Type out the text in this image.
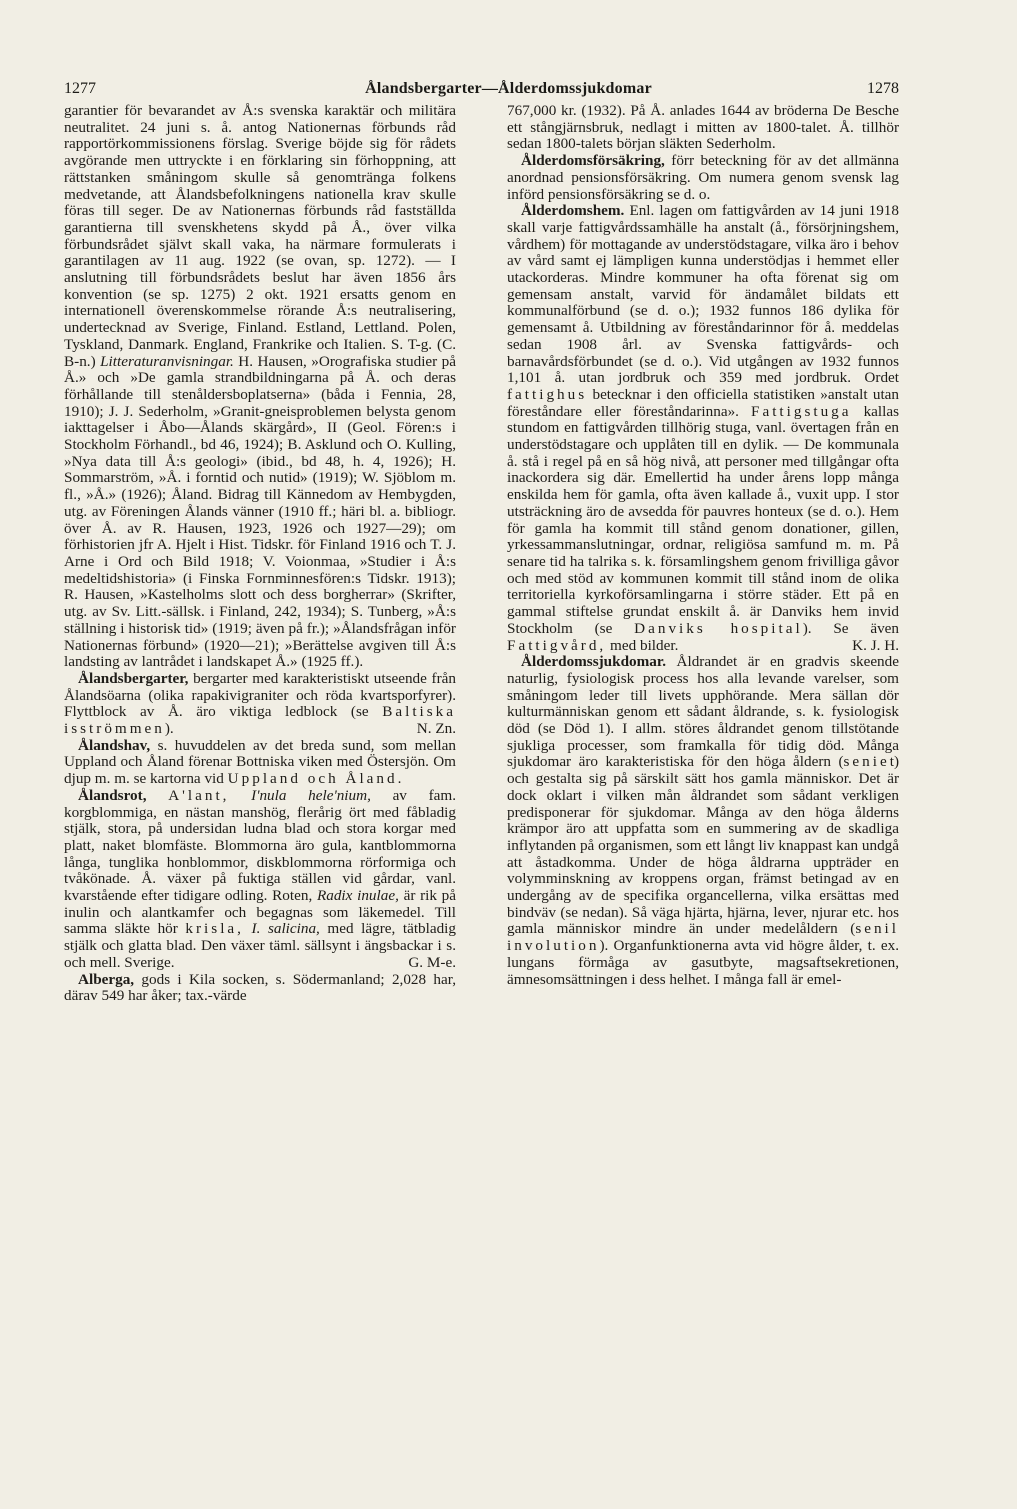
1277	Ålandsbergarter—Ålderdomssjukdomar	1278

garantier för bevarandet av Å:s svenska karaktär och militära neutralitet. 24 juni s. å. antog Nationernas förbunds råd rapportörkommissionens förslag. Sverige böjde sig för rådets avgörande men uttryckte i en förklaring sin förhoppning, att rättstanken småningom skulle så genomtränga folkens medvetande, att Ålandsbefolkningens nationella krav skulle föras till seger. De av Nationernas förbunds råd fastställda garantierna till svenskhetens skydd på Å., över vilka förbundsrådet självt skall vaka, ha närmare formulerats i garantilagen av 11 aug. 1922 (se ovan, sp. 1272). — I anslutning till förbundsrådets beslut har även 1856 års konvention (se sp. 1275) 2 okt. 1921 ersatts genom en internationell överenskommelse rörande Å:s neutralisering, undertecknad av Sverige, Finland. Estland, Lettland. Polen, Tyskland, Danmark. England, Frankrike och Italien. S. T-g. (C. B-n.) Litteraturanvisningar. H. Hausen, »Orografiska studier på Å.» och »De gamla strandbildningarna på Å. och deras förhållande till stenåldersboplatserna» (båda i Fennia, 28, 1910); J. J. Sederholm, »Granit-gneisproblemen belysta genom iakttagelser i Åbo—Ålands skärgård», II (Geol. Fören:s i Stockholm Förhandl., bd 46, 1924); B. Asklund och O. Kulling, »Nya data till Å:s geologi» (ibid., bd 48, h. 4, 1926); H. Sommarström, »Å. i forntid och nutid» (1919); W. Sjöblom m. fl., »Å.» (1926); Åland. Bidrag till Kännedom av Hembygden, utg. av Föreningen Ålands vänner (1910 ff.; häri bl. a. bibliogr. över Å. av R. Hausen, 1923, 1926 och 1927—29); om förhistorien jfr A. Hjelt i Hist. Tidskr. för Finland 1916 och T. J. Arne i Ord och Bild 1918; V. Voionmaa, »Studier i Å:s medeltidshistoria» (i Finska Fornminnesfören:s Tidskr. 1913); R. Hausen, »Kastelholms slott och dess borgherrar» (Skrifter, utg. av Sv. Litt.-sällsk. i Finland, 242, 1934); S. Tunberg, »Å:s ställning i historisk tid» (1919; även på fr.); »Ålandsfrågan inför Nationernas förbund» (1920—21); »Berättelse avgiven till Å:s landsting av lantrådet i landskapet Å.» (1925 ff.).

Ålandsbergarter, bergarter med karakteristiskt utseende från Ålandsöarna (olika rapakivigraniter och röda kvartsporfyrer). Flyttblock av Å. äro viktiga ledblock (se Baltiska isströmmen).	N. Zn.

Ålandshav, s. huvuddelen av det breda sund, som mellan Uppland och Åland förenar Bottniska viken med Östersjön. Om djup m. m. se kartorna vid Uppland och Åland.

Ålandsrot, A'lant, I'nula hele'nium, av fam. korgblommiga, en nästan manshög, flerårig ört med fåbladig stjälk, stora, på undersidan ludna blad och stora korgar med platt, naket blomfäste. Blommorna äro gula, kantblommorna långa, tunglika honblommor, diskblommorna rörformiga och tvåkönade. Å. växer på fuktiga ställen vid gårdar, vanl. kvarstående efter tidigare odling. Roten, Radix inulae, är rik på inulin och alantkamfer och begagnas som läkemedel. Till samma släkte hör krisla, I. salicina, med lägre, tätbladig stjälk och glatta blad. Den växer täml. sällsynt i ängsbackar i s. och mell. Sverige.	G. M-e.

Alberga, gods i Kila socken, s. Södermanland; 2,028 har, därav 549 har åker; tax.-värde

767,000 kr. (1932). På Å. anlades 1644 av bröderna De Besche ett stångjärnsbruk, nedlagt i mitten av 1800-talet. Å. tillhör sedan 1800-talets början släkten Sederholm.

Ålderdomsförsäkring, förr beteckning för av det allmänna anordnad pensionsförsäkring. Om numera genom svensk lag införd pensionsförsäkring se d. o.

Ålderdomshem. Enl. lagen om fattigvården av 14 juni 1918 skall varje fattigvårdssamhälle ha anstalt (å., försörjningshem, vårdhem) för mottagande av understödstagare, vilka äro i behov av vård samt ej lämpligen kunna understödjas i hemmet eller utackorderas. Mindre kommuner ha ofta förenat sig om gemensam anstalt, varvid för ändamålet bildats ett kommunalförbund (se d. o.); 1932 funnos 186 dylika för gemensamt å. Utbildning av föreståndarinnor för å. meddelas sedan 1908 årl. av Svenska fattigvårds- och barnavårdsförbundet (se d. o.). Vid utgången av 1932 funnos 1,101 å. utan jordbruk och 359 med jordbruk. Ordet fattighus betecknar i den officiella statistiken »anstalt utan föreståndare eller föreståndarinna». Fattigstuga kallas stundom en fattigvården tillhörig stuga, vanl. övertagen från en understödstagare och upplåten till en dylik. — De kommunala å. stå i regel på en så hög nivå, att personer med tillgångar ofta inackordera sig där. Emellertid ha under årens lopp många enskilda hem för gamla, ofta även kallade å., vuxit upp. I stor utsträckning äro de avsedda för pauvres honteux (se d. o.). Hem för gamla ha kommit till stånd genom donationer, gillen, yrkessammanslutningar, ordnar, religiösa samfund m. m. På senare tid ha talrika s. k. församlingshem genom frivilliga gåvor och med stöd av kommunen kommit till stånd inom de olika territoriella kyrkoförsamlingarna i större städer. Ett på en gammal stiftelse grundat enskilt å. är Danviks hem invid Stockholm (se Danviks hospital). Se även Fattigvård, med bilder.	K. J. H.

Ålderdomssjukdomar. Åldrandet är en gradvis skeende naturlig, fysiologisk process hos alla levande varelser, som småningom leder till livets upphörande. Mera sällan dör kulturmänniskan genom ett sådant åldrande, s. k. fysiologisk död (se Död 1). I allm. störes åldrandet genom tillstötande sjukliga processer, som framkalla för tidig död. Många sjukdomar äro karakteristiska för den höga åldern (seniet) och gestalta sig på särskilt sätt hos gamla människor. Det är dock oklart i vilken mån åldrandet som sådant verkligen predisponerar för sjukdomar. Många av den höga ålderns krämpor äro att uppfatta som en summering av de skadliga inflytanden på organismen, som ett långt liv knappast kan undgå att åstadkomma. Under de höga åldrarna uppträder en volymminskning av kroppens organ, främst betingad av en undergång av de specifika organcellerna, vilka ersättas med bindväv (se nedan). Så väga hjärta, hjärna, lever, njurar etc. hos gamla människor mindre än under medelåldern (senil involution). Organfunktionerna avta vid högre ålder, t. ex. lungans förmåga av gasutbyte, magsaftsekretionen, ämnesomsättningen i dess helhet. I många fall är emel-
